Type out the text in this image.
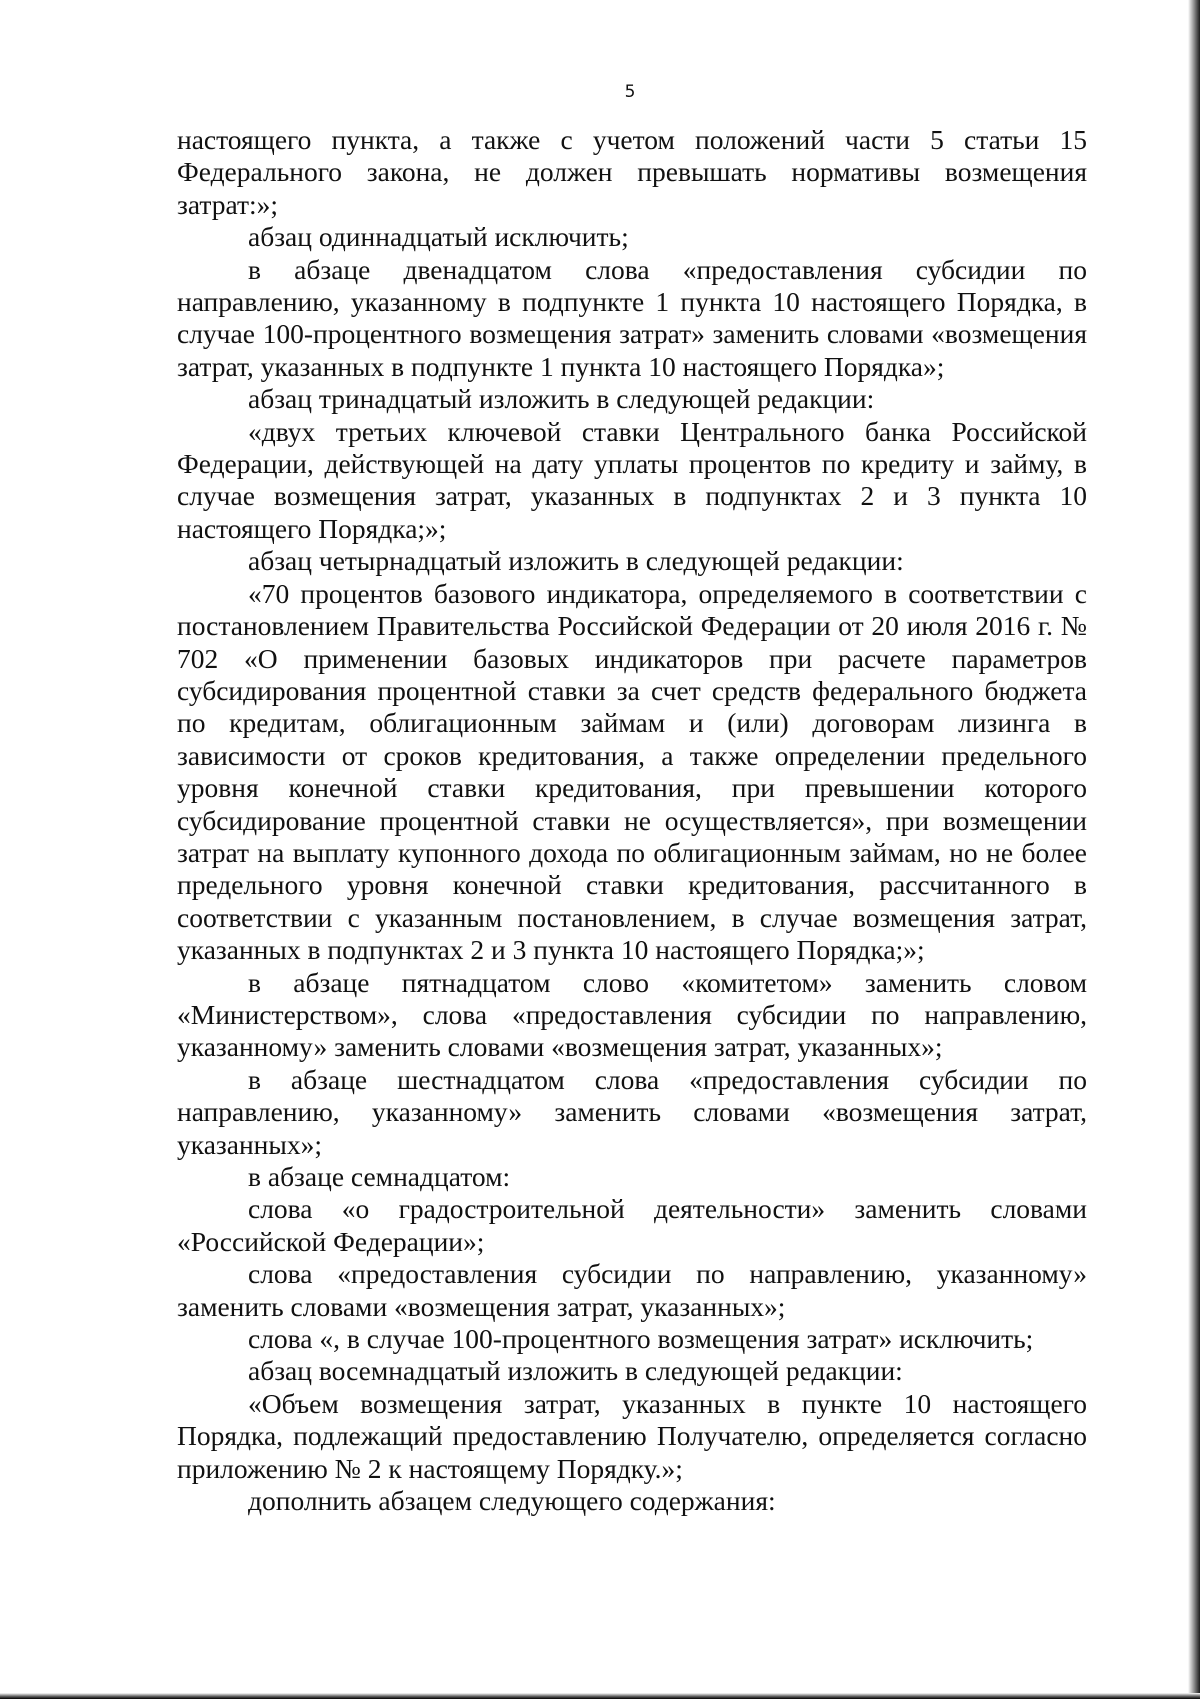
5

настоящего пункта, а также с учетом положений части 5 статьи 15 Федерального закона, не должен превышать нормативы возмещения затрат:»;

абзац одиннадцатый исключить;

в абзаце двенадцатом слова «предоставления субсидии по направлению, указанному в подпункте 1 пункта 10 настоящего Порядка, в случае 100-процентного возмещения затрат» заменить словами «возмещения затрат, указанных в подпункте 1 пункта 10 настоящего Порядка»;

абзац тринадцатый изложить в следующей редакции:

«двух третьих ключевой ставки Центрального банка Российской Федерации, действующей на дату уплаты процентов по кредиту и займу, в случае возмещения затрат, указанных в подпунктах 2 и 3 пункта 10 настоящего Порядка;»;

абзац четырнадцатый изложить в следующей редакции:

«70 процентов базового индикатора, определяемого в соответствии с постановлением Правительства Российской Федерации от 20 июля 2016 г. № 702 «О применении базовых индикаторов при расчете параметров субсидирования процентной ставки за счет средств федерального бюджета по кредитам, облигационным займам и (или) договорам лизинга в зависимости от сроков кредитования, а также определении предельного уровня конечной ставки кредитования, при превышении которого субсидирование процентной ставки не осуществляется», при возмещении затрат на выплату купонного дохода по облигационным займам, но не более предельного уровня конечной ставки кредитования, рассчитанного в соответствии с указанным постановлением, в случае возмещения затрат, указанных в подпунктах 2 и 3 пункта 10 настоящего Порядка;»;

в абзаце пятнадцатом слово «комитетом» заменить словом «Министерством», слова «предоставления субсидии по направлению, указанному» заменить словами «возмещения затрат, указанных»;

в абзаце шестнадцатом слова «предоставления субсидии по направлению, указанному» заменить словами «возмещения затрат, указанных»;

в абзаце семнадцатом:

слова «о градостроительной деятельности» заменить словами «Российской Федерации»;

слова «предоставления субсидии по направлению, указанному» заменить словами «возмещения затрат, указанных»;

слова «, в случае 100-процентного возмещения затрат» исключить;

абзац восемнадцатый изложить в следующей редакции:

«Объем возмещения затрат, указанных в пункте 10 настоящего Порядка, подлежащий предоставлению Получателю, определяется согласно приложению № 2 к настоящему Порядку.»;

дополнить абзацем следующего содержания:
